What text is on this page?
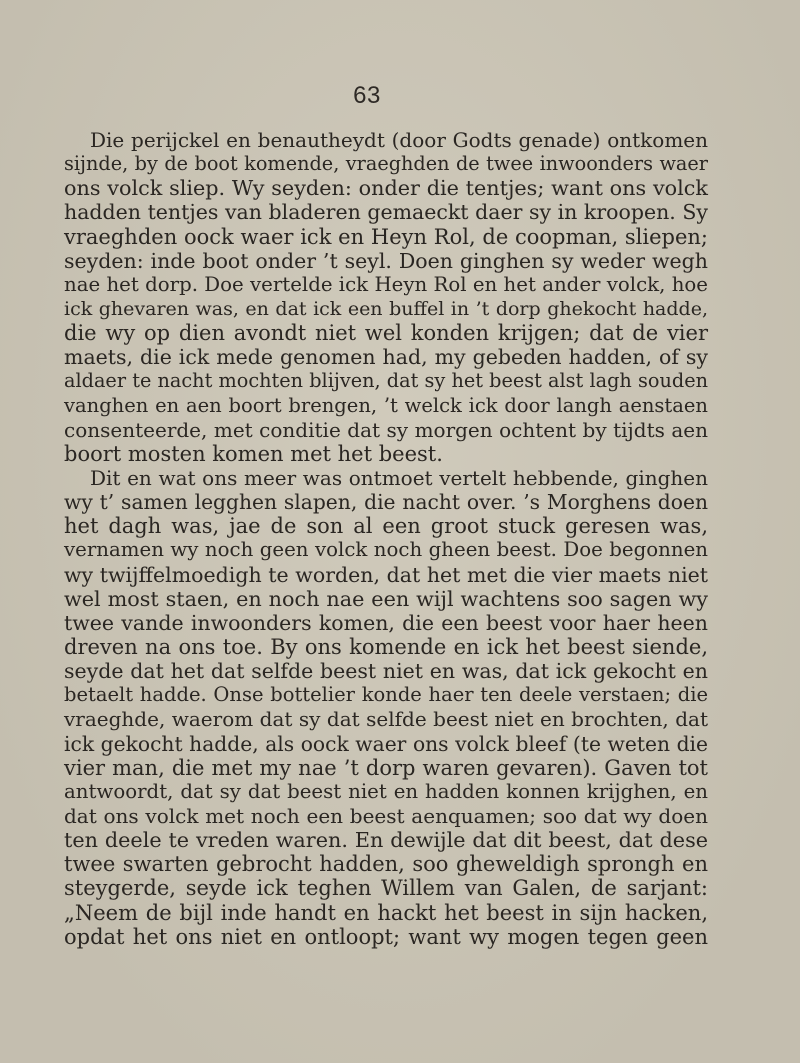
63
Die perijckel en benautheydt (door Godts genade) ontkomen
sijnde, by de boot komende, vraeghden de twee inwoonders waer
ons volck sliep. Wy seyden: onder die tentjes; want ons volck
hadden tentjes van bladeren gemaeckt daer sy in kroopen. Sy
vraeghden oock waer ick en Heyn Rol, de coopman, sliepen;
seyden: inde boot onder ’t seyl. Doen ginghen sy weder wegh
nae het dorp. Doe vertelde ick Heyn Rol en het ander volck, hoe
ick ghevaren was, en dat ick een buffel in ’t dorp ghekocht hadde,
die wy op dien avondt niet wel konden krijgen; dat de vier
maets, die ick mede genomen had, my gebeden hadden, of sy
aldaer te nacht mochten blijven, dat sy het beest alst lagh souden
vanghen en aen boort brengen, ’t welck ick door langh aenstaen
consenteerde, met conditie dat sy morgen ochtent by tijdts aen
boort mosten komen met het beest.
Dit en wat ons meer was ontmoet vertelt hebbende, ginghen
wy t’ samen legghen slapen, die nacht over. ’s Morghens doen
het dagh was, jae de son al een groot stuck geresen was,
vernamen wy noch geen volck noch gheen beest. Doe begonnen
wy twijffelmoedigh te worden, dat het met die vier maets niet
wel most staen, en noch nae een wijl wachtens soo sagen wy
twee vande inwoonders komen, die een beest voor haer heen
dreven na ons toe. By ons komende en ick het beest siende,
seyde dat het dat selfde beest niet en was, dat ick gekocht en
betaelt hadde. Onse bottelier konde haer ten deele verstaen; die
vraeghde, waerom dat sy dat selfde beest niet en brochten, dat
ick gekocht hadde, als oock waer ons volck bleef (te weten die
vier man, die met my nae ’t dorp waren gevaren). Gaven tot
antwoordt, dat sy dat beest niet en hadden konnen krijghen, en
dat ons volck met noch een beest aenquamen; soo dat wy doen
ten deele te vreden waren. En dewijle dat dit beest, dat dese
twee swarten gebrocht hadden, soo gheweldigh sprongh en
steygerde, seyde ick teghen Willem van Galen, de sarjant:
„Neem de bijl inde handt en hackt het beest in sijn hacken,
opdat het ons niet en ontloopt; want wy mogen tegen geen
